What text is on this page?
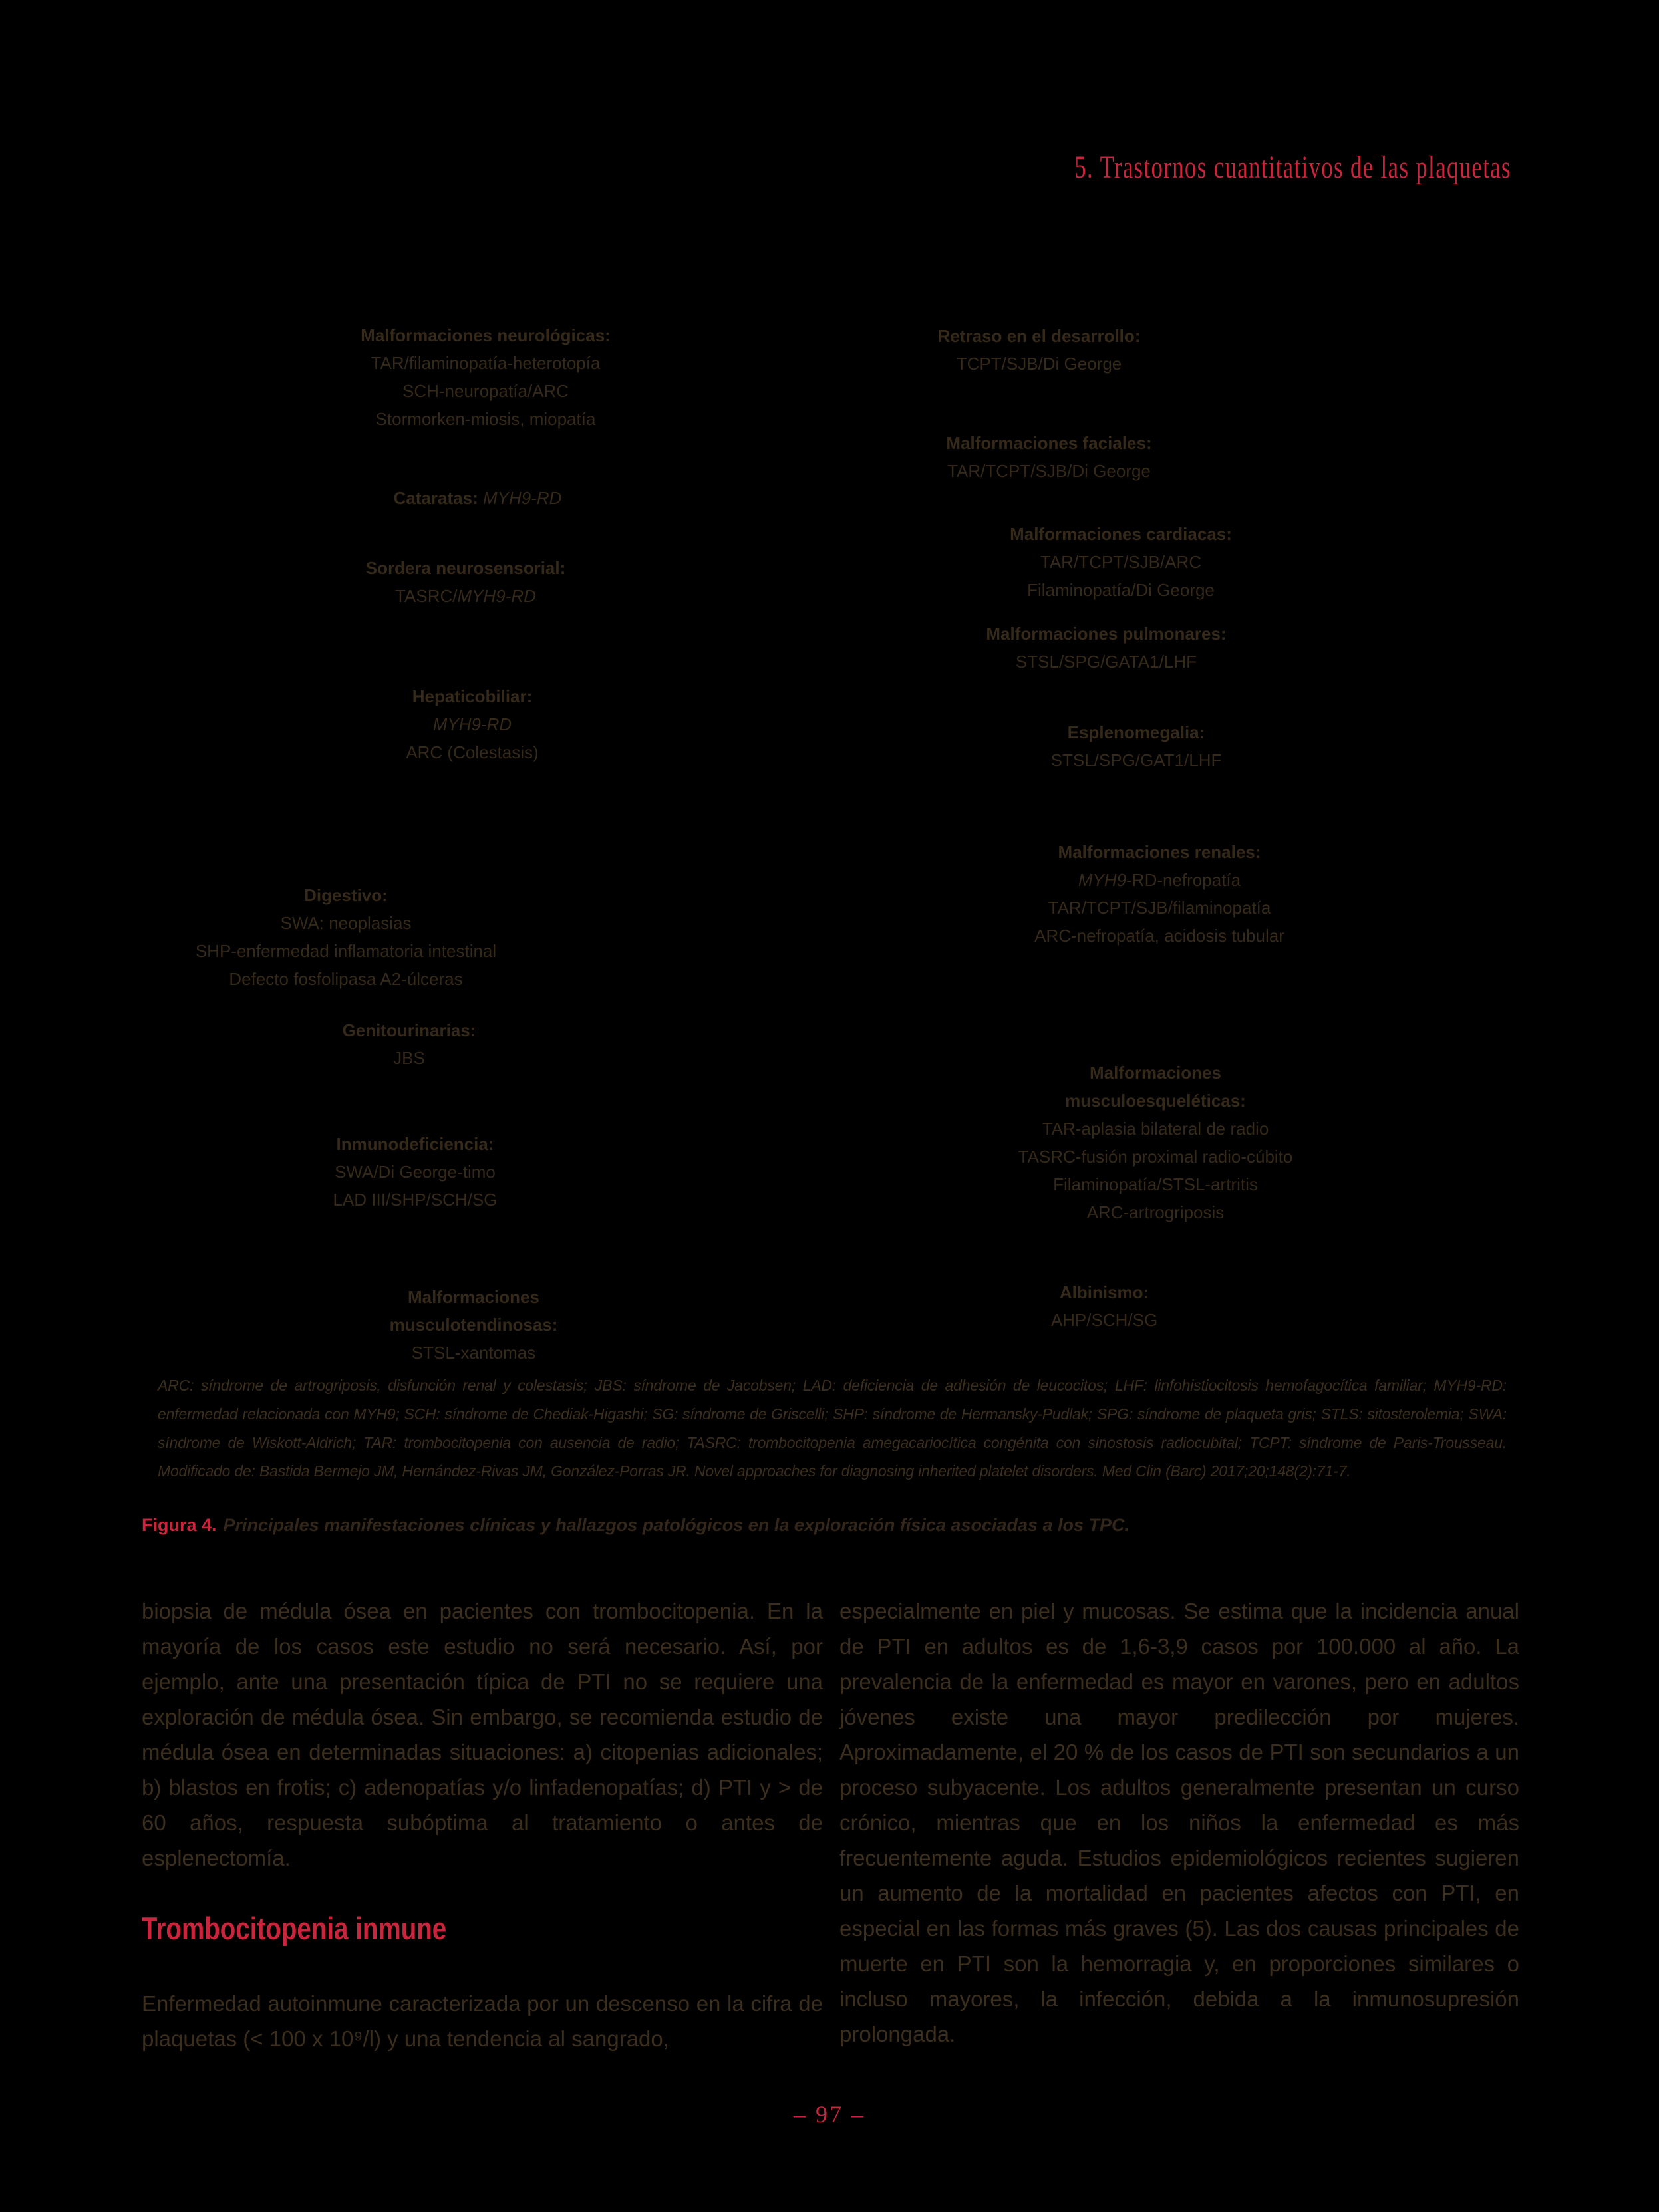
5. Trastornos cuantitativos de las plaquetas
Malformaciones neurológicas:
TAR/filaminopatía-heterotopía
SCH-neuropatía/ARC
Stormorken-miosis, miopatía
Cataratas: MYH9-RD
Sordera neurosensorial:
TASRC/MYH9-RD
Hepaticobiliar:
MYH9-RD
ARC (Colestasis)
Digestivo:
SWA: neoplasias
SHP-enfermedad inflamatoria intestinal
Defecto fosfolipasa A2-úlceras
Genitourinarias:
JBS
Inmunodeficiencia:
SWA/Di George-timo
LAD III/SHP/SCH/SG
Malformaciones
musculotendinosas:
STSL-xantomas
Retraso en el desarrollo:
TCPT/SJB/Di George
Malformaciones faciales:
TAR/TCPT/SJB/Di George
Malformaciones cardiacas:
TAR/TCPT/SJB/ARC
Filaminopatía/Di George
Malformaciones pulmonares:
STSL/SPG/GATA1/LHF
Esplenomegalia:
STSL/SPG/GAT1/LHF
Malformaciones renales:
MYH9-RD-nefropatía
TAR/TCPT/SJB/filaminopatía
ARC-nefropatía, acidosis tubular
Malformaciones
musculoesqueléticas:
TAR-aplasia bilateral de radio
TASRC-fusión proximal radio-cúbito
Filaminopatía/STSL-artritis
ARC-artrogriposis
Albinismo:
AHP/SCH/SG
ARC: síndrome de artrogriposis, disfunción renal y colestasis; JBS: síndrome de Jacobsen; LAD: deficiencia de adhesión de leucocitos; LHF: linfohistiocitosis hemofagocítica familiar; MYH9-RD: enfermedad relacionada con MYH9; SCH: síndrome de Chediak-Higashi; SG: síndrome de Griscelli; SHP: síndrome de Hermansky-Pudlak; SPG: síndrome de plaqueta gris; STLS: sitosterolemia; SWA: síndrome de Wiskott-Aldrich; TAR: trombocitopenia con ausencia de radio; TASRC: trombocitopenia amegacariocítica congénita con sinostosis radiocubital; TCPT: síndrome de Paris-Trousseau. Modificado de: Bastida Bermejo JM, Hernández-Rivas JM, González-Porras JR. Novel approaches for diagnosing inherited platelet disorders. Med Clin (Barc) 2017;20;148(2):71-7.
Figura 4. Principales manifestaciones clínicas y hallazgos patológicos en la exploración física asociadas a los TPC.
biopsia de médula ósea en pacientes con trombocitopenia. En la mayoría de los casos este estudio no será necesario. Así, por ejemplo, ante una presentación típica de PTI no se requiere una exploración de médula ósea. Sin embargo, se recomienda estudio de médula ósea en determinadas situaciones: a) citopenias adicionales; b) blastos en frotis; c) adenopatías y/o linfadenopatías; d) PTI y > de 60 años, respuesta subóptima al tratamiento o antes de esplenectomía.
Trombocitopenia inmune
Enfermedad autoinmune caracterizada por un descenso en la cifra de plaquetas (< 100 x 10⁹/l) y una tendencia al sangrado,
especialmente en piel y mucosas. Se estima que la incidencia anual de PTI en adultos es de 1,6-3,9 casos por 100.000 al año. La prevalencia de la enfermedad es mayor en varones, pero en adultos jóvenes existe una mayor predilección por mujeres. Aproximadamente, el 20 % de los casos de PTI son secundarios a un proceso subyacente. Los adultos generalmente presentan un curso crónico, mientras que en los niños la enfermedad es más frecuentemente aguda. Estudios epidemiológicos recientes sugieren un aumento de la mortalidad en pacientes afectos con PTI, en especial en las formas más graves (5). Las dos causas principales de muerte en PTI son la hemorragia y, en proporciones similares o incluso mayores, la infección, debida a la inmunosupresión prolongada.
– 97 –
